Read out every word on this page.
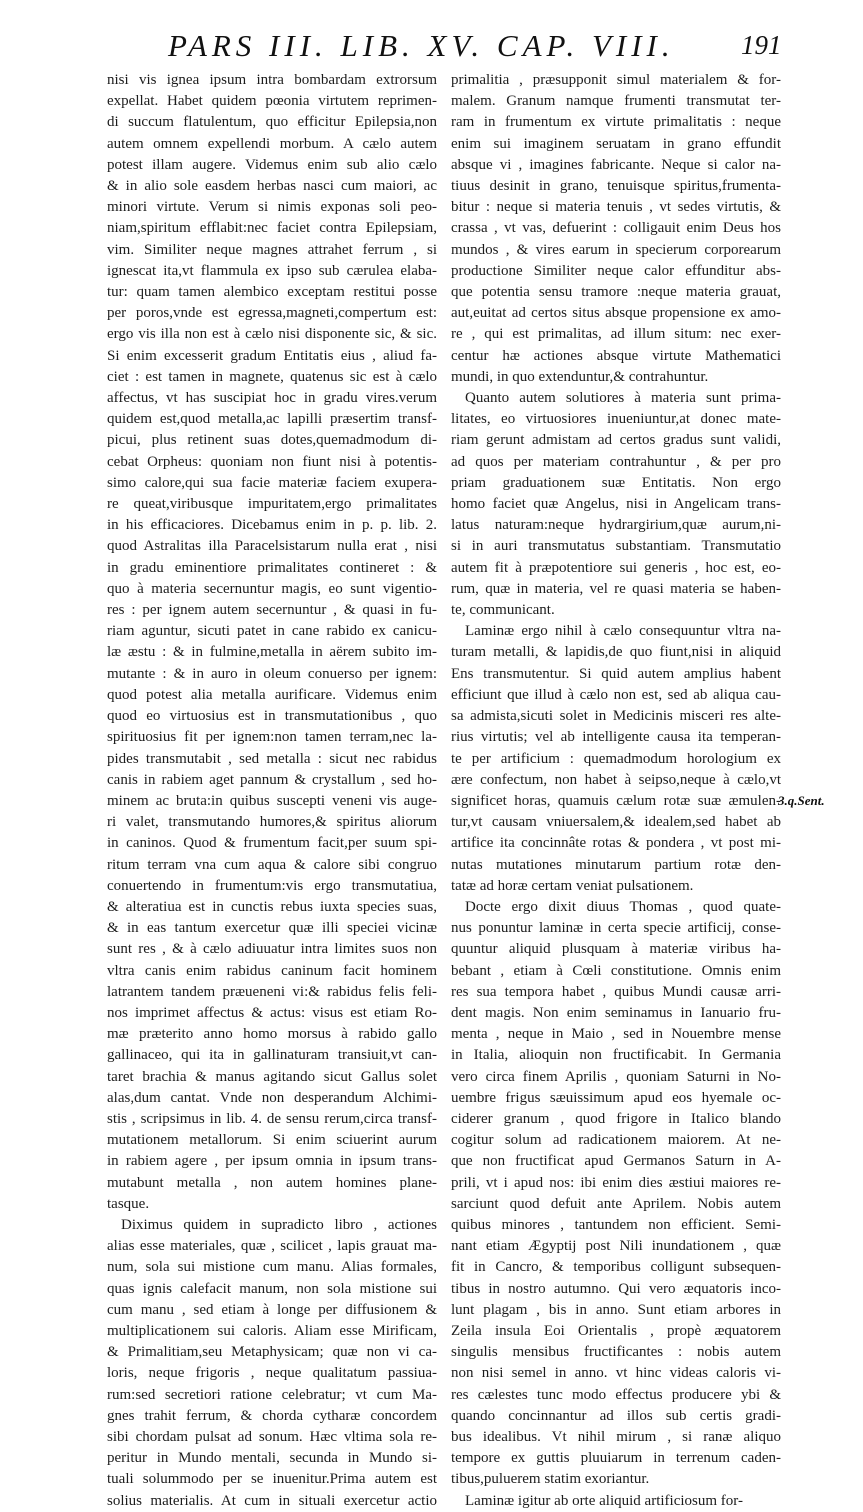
PARS III. LIB. XV. CAP. VIII. 191
nisi vis ignea ipsum intra bombardam extrorsum
expellat. Habet quidem pœonia virtutem reprimen-
di succum flatulentum, quo efficitur Epilepsia,non
autem omnem expellendi morbum. A cælo autem
potest illam augere. Videmus enim sub alio cælo
& in alio sole easdem herbas nasci cum maiori, ac
minori virtute. Verum si nimis exponas soli peo-
niam,spiritum efflabit:nec faciet contra Epilepsiam,
vim. Similiter neque magnes attrahet ferrum , si
ignescat ita,vt flammula ex ipso sub cærulea elaba-
tur: quam tamen alembico exceptam restitui posse
per poros,vnde est egressa,magneti,compertum est:
ergo vis illa non est à cælo nisi disponente sic, & sic.
Si enim excesserit gradum Entitatis eius , aliud fa-
ciet : est tamen in magnete, quatenus sic est à cælo
affectus, vt has suscipiat hoc in gradu vires.verum
quidem est,quod metalla,ac lapilli præsertim transf-
picui, plus retinent suas dotes,quemadmodum di-
cebat Orpheus: quoniam non fiunt nisi à potentis-
simo calore,qui sua facie materiæ faciem exupera-
re queat,viribusque impuritatem,ergo primalitates
in his efficaciores. Dicebamus enim in p. p. lib. 2.
quod Astralitas illa Paracelsistarum nulla erat , nisi
in gradu eminentiore primalitates contineret : &
quo à materia secernuntur magis, eo sunt vigentio-
res : per ignem autem secernuntur , & quasi in fu-
riam aguntur, sicuti patet in cane rabido ex canicu-
læ æstu : & in fulmine,metalla in aërem subito im-
mutante : & in auro in oleum conuerso per ignem:
quod potest alia metalla aurificare. Videmus enim
quod eo virtuosius est in transmutationibus , quo
spirituosius fit per ignem:non tamen terram,nec la-
pides transmutabit , sed metalla : sicut nec rabidus
canis in rabiem aget pannum & crystallum , sed ho-
minem ac bruta:in quibus suscepti veneni vis auge-
ri valet, transmutando humores,& spiritus aliorum
in caninos. Quod & frumentum facit,per suum spi-
ritum terram vna cum aqua & calore sibi congruo
conuertendo in frumentum:vis ergo transmutatiua,
& alteratiua est in cunctis rebus iuxta species suas,
& in eas tantum exercetur quæ illi speciei vicinæ
sunt res , & à cælo adiuuatur intra limites suos non
vltra canis enim rabidus caninum facit hominem
latrantem tandem præueneni vi:& rabidus felis feli-
nos imprimet affectus & actus: visus est etiam Ro-
mæ præterito anno homo morsus à rabido gallo
gallinaceo, qui ita in gallinaturam transiuit,vt can-
taret brachia & manus agitando sicut Gallus solet
alas,dum cantat. Vnde non desperandum Alchimi-
stis , scripsimus in lib. 4. de sensu rerum,circa transf-
mutationem metallorum. Si enim sciuerint aurum
in rabiem agere , per ipsum omnia in ipsum trans-
mutabunt metalla , non autem homines plane-
tasque.
Diximus quidem in supradicto libro , actiones
alias esse materiales, quæ , scilicet , lapis grauat ma-
num, sola sui mistione cum manu. Alias formales,
quas ignis calefacit manum, non sola mistione sui
cum manu , sed etiam à longe per diffusionem &
multiplicationem sui caloris. Aliam esse Mirificam,
& Primalitiam,seu Metaphysicam; quæ non vi ca-
loris, neque frigoris , neque qualitatum passiua-
rum:sed secretiori ratione celebratur; vt cum Ma-
gnes trahit ferrum, & chorda cytharæ concordem
sibi chordam pulsat ad sonum. Hæc vltima sola re-
peritur in Mundo mentali, secunda in Mundo si-
tuali solummodo per se inuenitur.Prima autem est
solius materialis. At cum in situali exercetur actio
primalitia , præsupponit simul materialem & for-
malem. Granum namque frumenti transmutat ter-
ram in frumentum ex virtute primalitatis : neque
enim sui imaginem seruatam in grano effundit
absque vi , imagines fabricante. Neque si calor na-
tiuus desinit in grano, tenuisque spiritus,frumenta-
bitur : neque si materia tenuis , vt sedes virtutis, &
crassa , vt vas, defuerint : colligauit enim Deus hos
mundos , & vires earum in specierum corporearum
productione Similiter neque calor effunditur abs-
que potentia sensu tramore :neque materia grauat,
aut,euitat ad certos situs absque propensione ex amo-
re , qui est primalitas, ad illum situm: nec exer-
centur hæ actiones absque virtute Mathematici
mundi, in quo extenduntur,& contrahuntur.
Quanto autem solutiores à materia sunt prima-
litates, eo virtuosiores inueniuntur,at donec mate-
riam gerunt admistam ad certos gradus sunt validi,
ad quos per materiam contrahuntur , & per pro
priam graduationem suæ Entitatis. Non ergo
homo faciet quæ Angelus, nisi in Angelicam trans-
latus naturam:neque hydrargirium,quæ aurum,ni-
si in auri transmutatus substantiam. Transmutatio
autem fit à præpotentiore sui generis , hoc est, eo-
rum, quæ in materia, vel re quasi materia se haben-
te, communicant.
Laminæ ergo nihil à cælo consequuntur vltra na-
turam metalli, & lapidis,de quo fiunt,nisi in aliquid
Ens transmutentur. Si quid autem amplius habent
efficiunt que illud à cælo non est, sed ab aliqua cau-
sa admista,sicuti solet in Medicinis misceri res alte-
rius virtutis; vel ab intelligente causa ita temperan-
te per artificium : quemadmodum horologium ex
ære confectum, non habet à seipso,neque à cælo,vt
significet horas, quamuis cælum rotæ suæ æmulen-
tur,vt causam vniuersalem,& idealem,sed habet ab
artifice ita concinnâte rotas & pondera , vt post mi-
nutas mutationes minutarum partium rotæ den-
tatæ ad horæ certam veniat pulsationem.
Docte ergo dixit diuus Thomas , quod quate-
nus ponuntur laminæ in certa specie artificij, conse-
quuntur aliquid plusquam à materiæ viribus ha-
bebant , etiam à Cœli constitutione. Omnis enim
res sua tempora habet , quibus Mundi causæ arri-
dent magis. Non enim seminamus in Ianuario fru-
menta , neque in Maio , sed in Nouembre mense
in Italia, alioquin non fructificabit. In Germania
vero circa finem Aprilis , quoniam Saturni in No-
uembre frigus sæuissimum apud eos hyemale oc-
ciderer granum , quod frigore in Italico blando
cogitur solum ad radicationem maiorem. At ne-
que non fructificat apud Germanos Saturn in A-
prili, vt i apud nos: ibi enim dies æstiui maiores re-
sarciunt quod defuit ante Aprilem. Nobis autem
quibus minores , tantundem non efficient. Semi-
nant etiam Ægyptij post Nili inundationem , quæ
fit in Cancro, & temporibus colligunt subsequen-
tibus in nostro autumno. Qui vero æquatoris inco-
lunt plagam , bis in anno. Sunt etiam arbores in
Zeila insula Eoi Orientalis , propè æquatorem
singulis mensibus fructificantes : nobis autem
non nisi semel in anno. vt hinc videas caloris vi-
res cælestes tunc modo effectus producere ybi &
quando concinnantur ad illos sub certis gradi-
bus idealibus. Vt nihil mirum , si ranæ aliquo
tempore ex guttis pluuiarum in terrenum caden-
tibus,puluerem statim exoriantur.
Laminæ igitur ab orte aliquid artificiosum for-
3.q.Sent.
